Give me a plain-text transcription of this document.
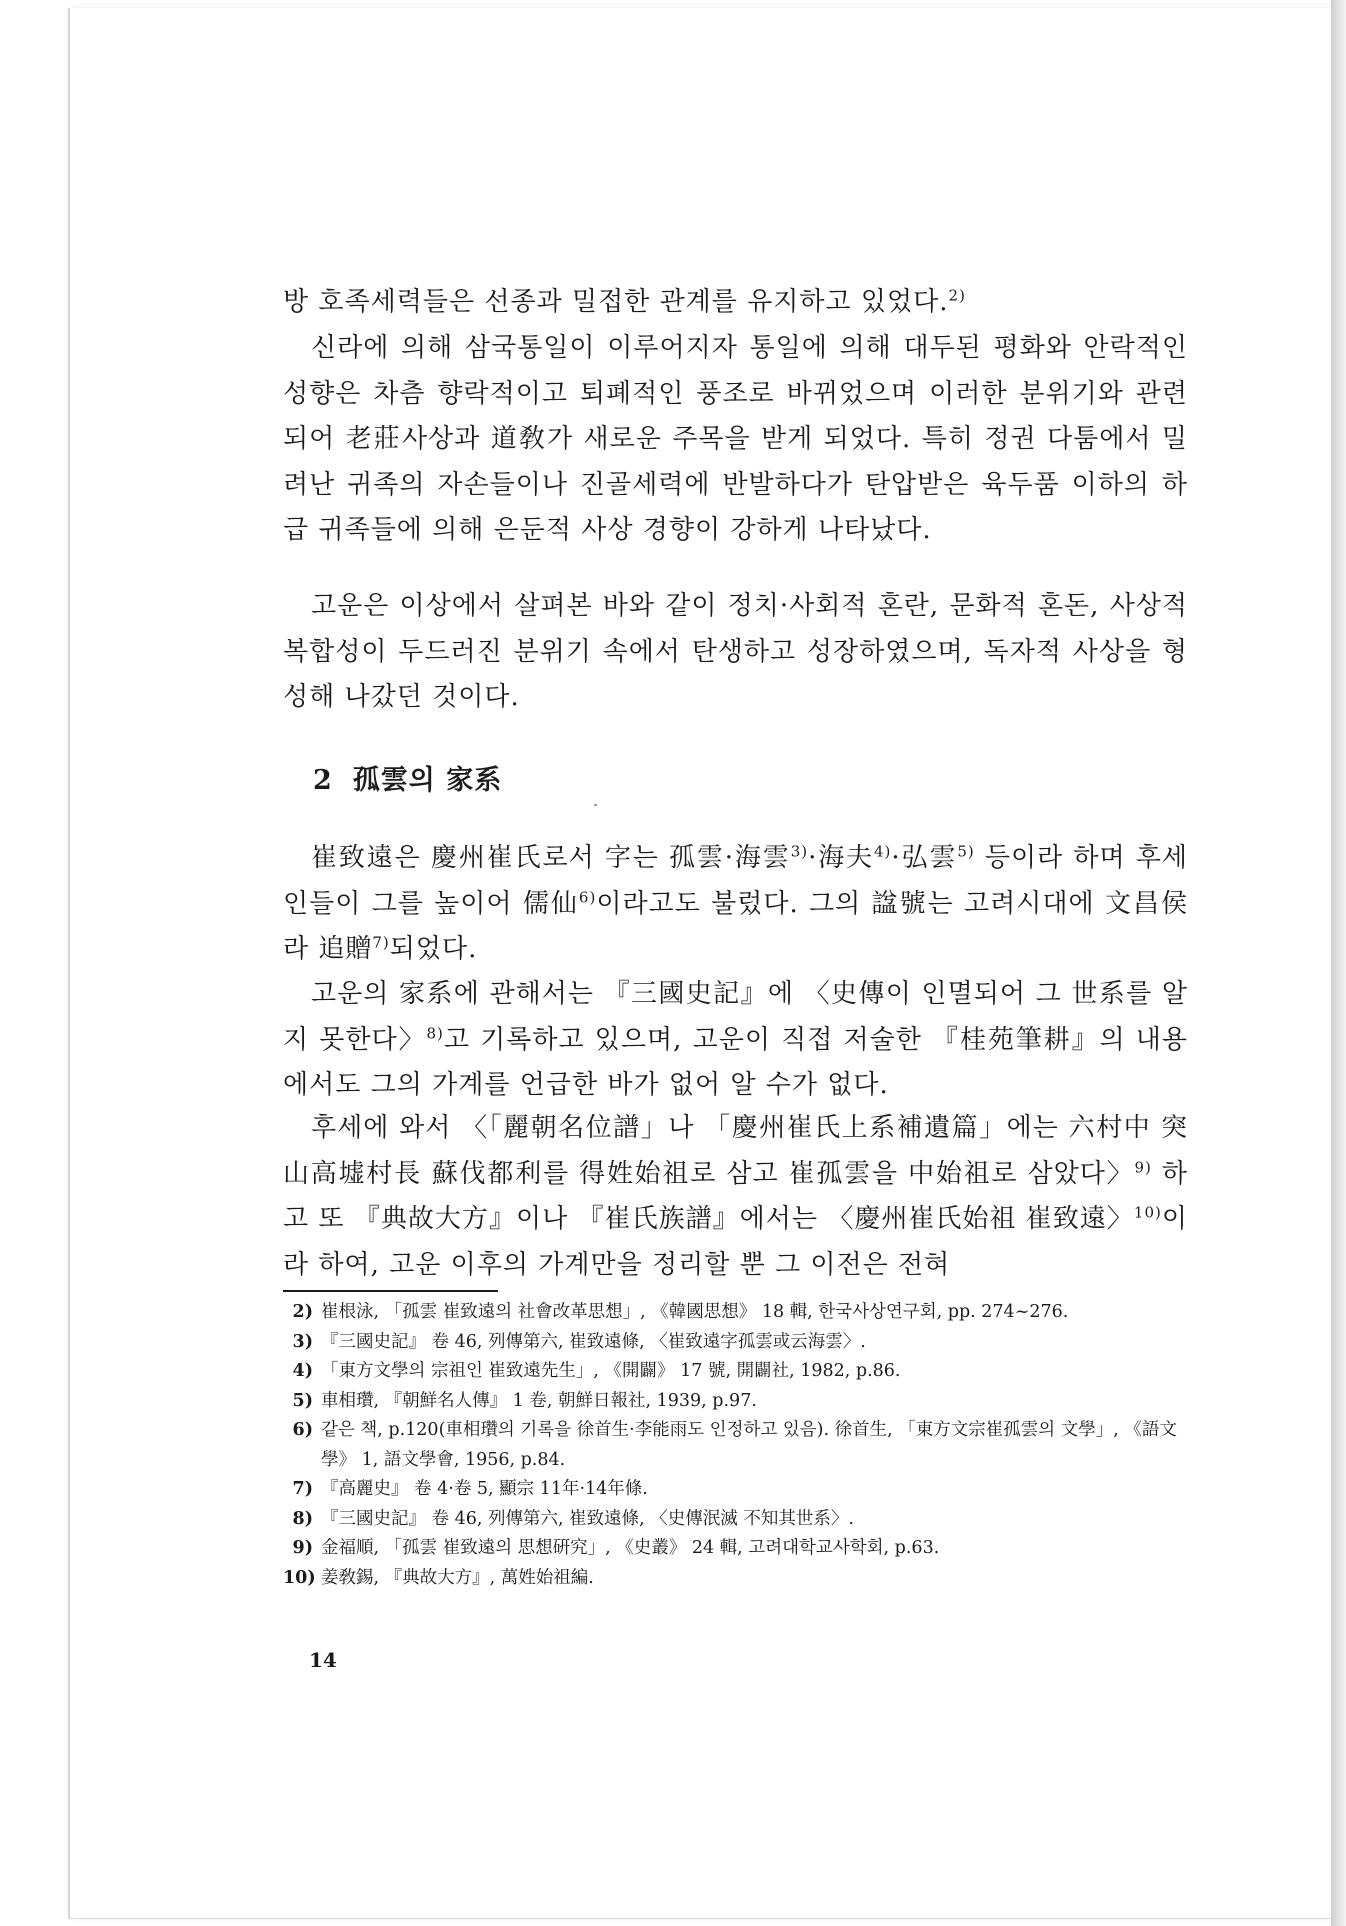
방 호족세력들은 선종과 밀접한 관계를 유지하고 있었다.$^{2)}$

신라에 의해 삼국통일이 이루어지자 통일에 의해 대두된 평화와 안락적인 성향은 차츰 향락적이고 퇴폐적인 풍조로 바뀌었으며 이러한 분위기와 관련되어 老莊사상과 道敎가 새로운 주목을 받게 되었다. 특히 정권 다툼에서 밀려난 귀족의 자손들이나 진골세력에 반발하다가 탄압받은 육두품 이하의 하급 귀족들에 의해 은둔적 사상 경향이 강하게 나타났다.

고운은 이상에서 살펴본 바와 같이 정치·사회적 혼란, 문화적 혼돈, 사상적 복합성이 두드러진 분위기 속에서 탄생하고 성장하였으며, 독자적 사상을 형성해 나갔던 것이다.

2 孤雲의 家系

崔致遠은 慶州崔氏로서 字는 孤雲·海雲$^{3)}$·海夫$^{4)}$·弘雲$^{5)}$ 등이라 하며 후세인들이 그를 높이어 儒仙$^{6)}$이라고도 불렀다. 그의 諡號는 고려시대에 文昌侯라 追贈$^{7)}$되었다.

고운의 家系에 관해서는 『三國史記』에 〈史傳이 인멸되어 그 世系를 알지 못한다〉$^{8)}$고 기록하고 있으며, 고운이 직접 저술한 『桂苑筆耕』의 내용에서도 그의 가계를 언급한 바가 없어 알 수가 없다.

후세에 와서 〈「麗朝名位譜」나 「慶州崔氏上系補遺篇」에는 六村中 突山高墟村長 蘇伐都利를 得姓始祖로 삼고 崔孤雲을 中始祖로 삼았다〉$^{9)}$ 하고 또 『典故大方』이나 『崔氏族譜』에서는 〈慶州崔氏始祖 崔致遠〉$^{10)}$이라 하여, 고운 이후의 가계만을 정리할 뿐 그 이전은 전혀

2) 崔根泳, 「孤雲 崔致遠의 社會改革思想」, 《韓國思想》 18 輯, 한국사상연구회, pp. 274~276.
3) 『三國史記』 卷 46, 列傳第六, 崔致遠條, 〈崔致遠字孤雲或云海雲〉.
4) 「東方文學의 宗祖인 崔致遠先生」, 《開闢》 17 號, 開闢社, 1982, p.86.
5) 車相瓚, 『朝鮮名人傳』 1 卷, 朝鮮日報社, 1939, p.97.
6) 같은 책, p.120(車相瓚의 기록을 徐首生·李能雨도 인정하고 있음). 徐首生, 「東方文宗崔孤雲의 文學」, 《語文學》 1, 語文學會, 1956, p.84.
7) 『高麗史』 卷 4·卷 5, 顯宗 11年·14年條.
8) 『三國史記』 卷 46, 列傳第六, 崔致遠條, 〈史傳泯滅 不知其世系〉.
9) 金福順, 「孤雲 崔致遠의 思想硏究」, 《史叢》 24 輯, 고려대학교사학회, p.63.
10) 姜敎錫, 『典故大方』, 萬姓始祖編.

14
